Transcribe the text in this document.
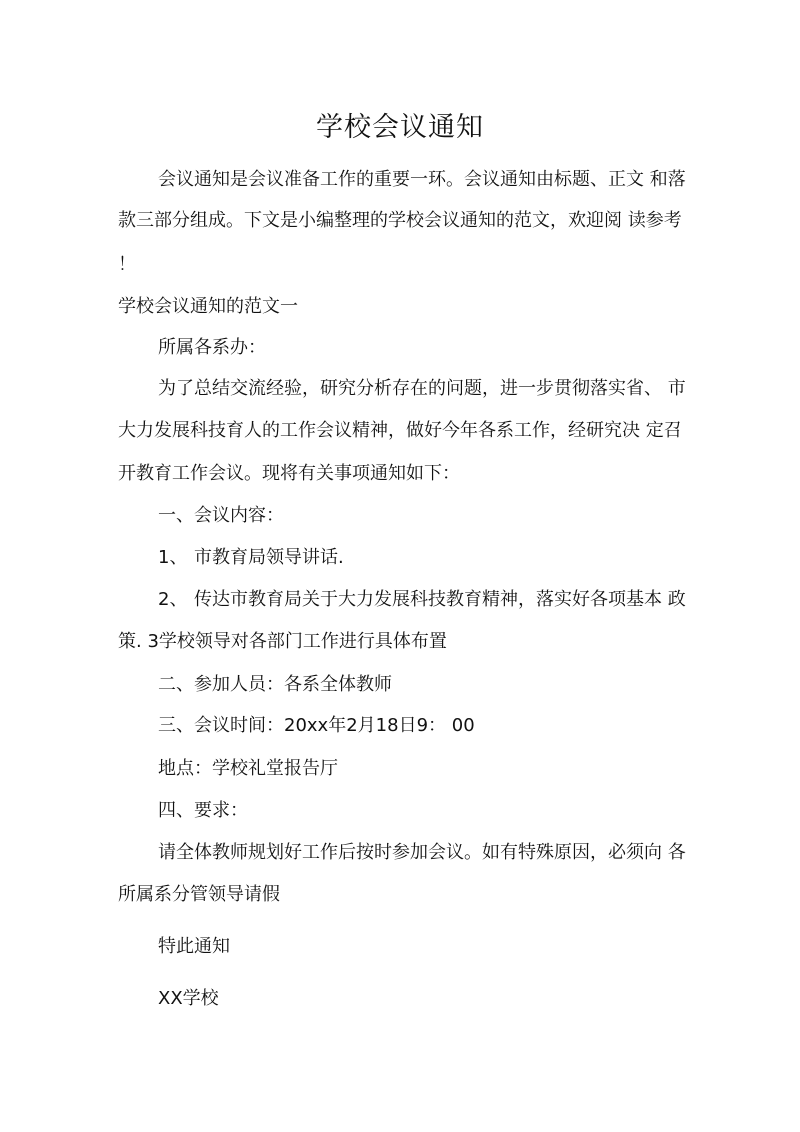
学校会议通知
会议通知是会议准备工作的重要一环。会议通知由标题、正文 和落
款三部分组成。下文是小编整理的学校会议通知的范文，欢迎阅 读参考
！
学校会议通知的范文一
所属各系办：
为了总结交流经验，研究分析存在的问题，进一步贯彻落实省、 市
大力发展科技育人的工作会议精神，做好今年各系工作，经研究决 定召
开教育工作会议。现将有关事项通知如下：
一、会议内容：
1、 市教育局领导讲话.
2、 传达市教育局关于大力发展科技教育精神，落实好各项基本 政
策. 3学校领导对各部门工作进行具体布置
二、参加人员：各系全体教师
三、会议时间：20xx年2月18日9： 00
地点：学校礼堂报告厅
四、要求：
请全体教师规划好工作后按时参加会议。如有特殊原因，必须向 各
所属系分管领导请假
特此通知
XX学校
